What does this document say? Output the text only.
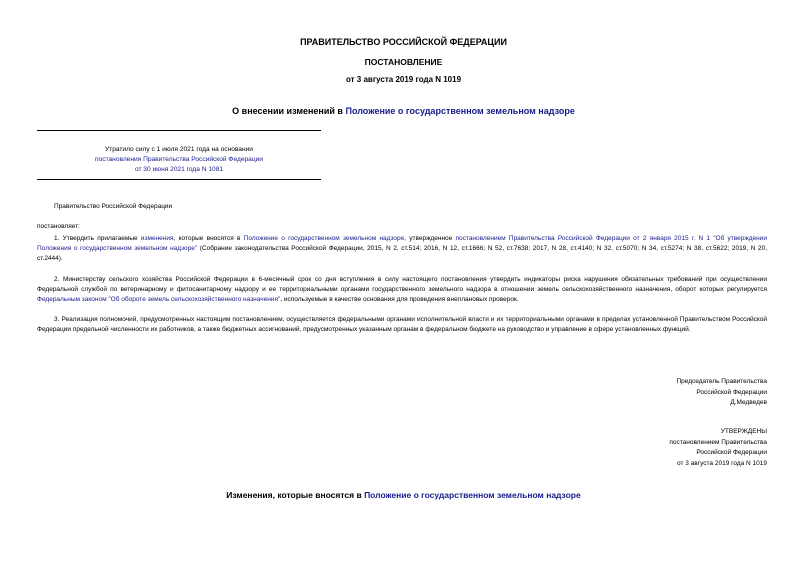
ПРАВИТЕЛЬСТВО РОССИЙСКОЙ ФЕДЕРАЦИИ
ПОСТАНОВЛЕНИЕ
от 3 августа 2019 года N 1019
О внесении изменений в Положение о государственном земельном надзоре
Утратило силу с 1 июля 2021 года на основании
постановления Правительства Российской Федерации
от 30 июня 2021 года N 1081
Правительство Российской Федерации
постановляет:
1. Утвердить прилагаемые изменения, которые вносятся в Положение о государственном земельном надзоре, утвержденное постановлением Правительства Российской Федерации от 2 января 2015 г. N 1 "Об утверждении Положения о государственном земельном надзоре" (Собрание законодательства Российской Федерации, 2015, N 2, ст.514; 2016, N 12, ст.1666; N 52, ст.7638; 2017, N 28, ст.4140; N 32, ст.5070; N 34, ст.5274; N 38, ст.5622; 2019, N 20, ст.2444).
2. Министерству сельского хозяйства Российской Федерации в 6-месячный срок со дня вступления в силу настоящего постановления утвердить индикаторы риска нарушения обязательных требований при осуществлении Федеральной службой по ветеринарному и фитосанитарному надзору и ее территориальными органами государственного земельного надзора в отношении земель сельскохозяйственного назначения, оборот которых регулируется Федеральным законом "Об обороте земель сельскохозяйственного назначения", используемые в качестве основания для проведения внеплановых проверок.
3. Реализация полномочий, предусмотренных настоящим постановлением, осуществляется федеральными органами исполнительной власти и их территориальными органами в пределах установленной Правительством Российской Федерации предельной численности их работников, а также бюджетных ассигнований, предусмотренных указанным органам в федеральном бюджете на руководство и управление в сфере установленных функций.
Председатель Правительства
Российской Федерации
Д.Медведев
УТВЕРЖДЕНЫ
постановлением Правительства
Российской Федерации
от 3 августа 2019 года N 1019
Изменения, которые вносятся в Положение о государственном земельном надзоре
